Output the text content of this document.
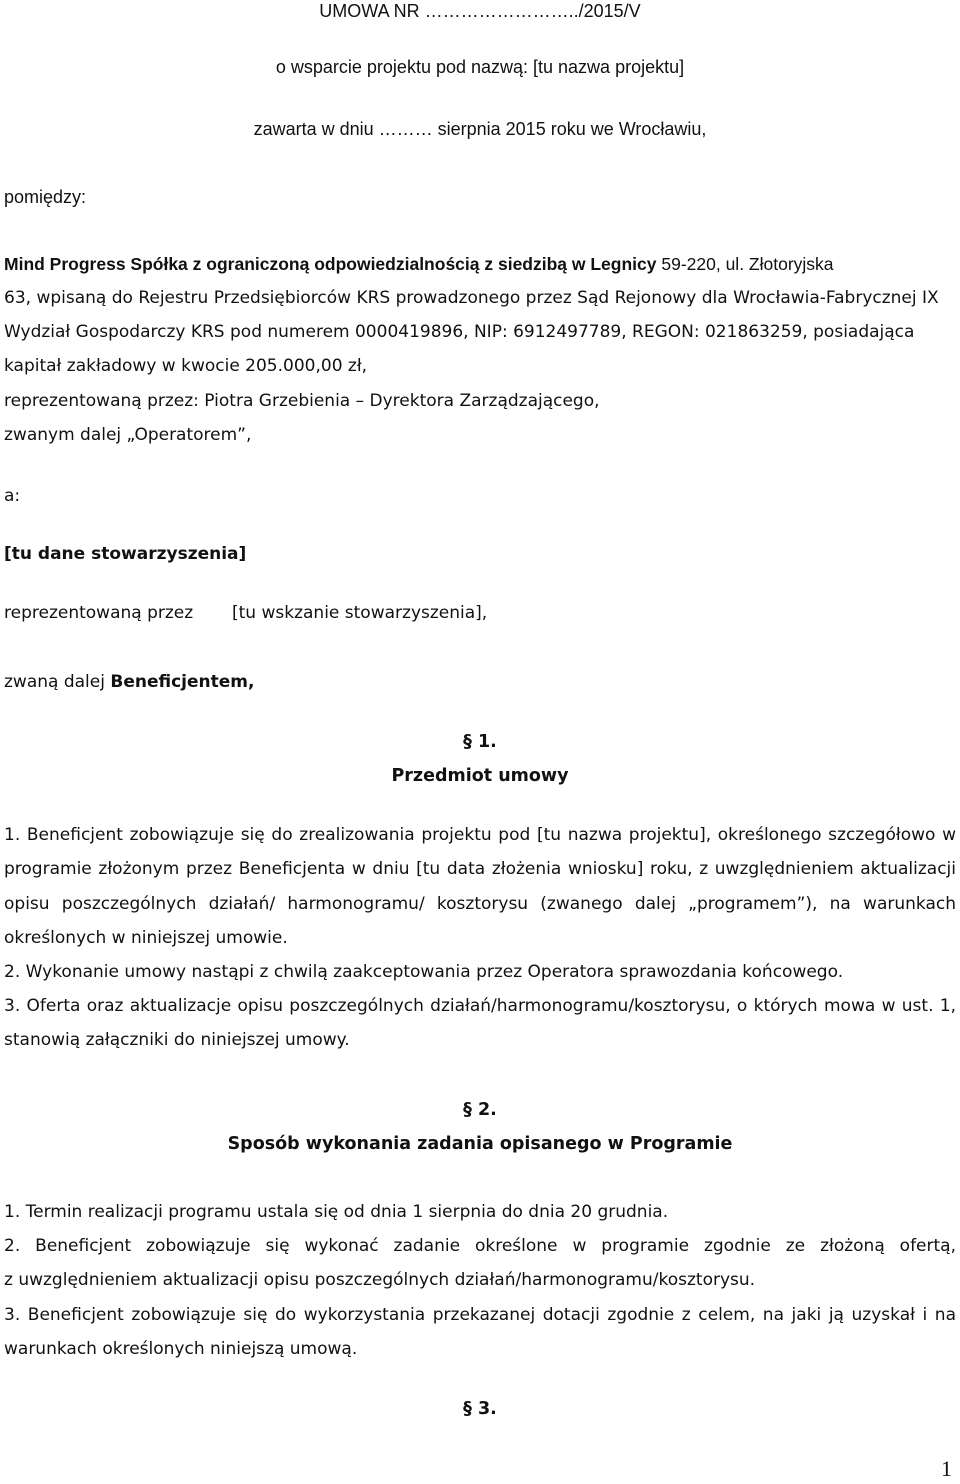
UMOWA NR ……………………../2015/V
o wsparcie projektu pod nazwą: [tu nazwa projektu]
zawarta w dniu ……… sierpnia 2015 roku we Wrocławiu,
pomiędzy:
Mind Progress Spółka z ograniczoną odpowiedzialnością z siedzibą w Legnicy 59-220, ul. Złotoryjska
63, wpisaną do Rejestru Przedsiębiorców KRS prowadzonego przez Sąd Rejonowy dla Wrocławia-Fabrycznej IX
Wydział Gospodarczy KRS pod numerem 0000419896, NIP: 6912497789, REGON: 021863259, posiadająca
kapitał zakładowy w kwocie 205.000,00 zł,
reprezentowaną przez: Piotra Grzebienia – Dyrektora Zarządzającego,
zwanym dalej „Operatorem”,
a:
[tu dane stowarzyszenia]
reprezentowaną przez [tu wskzanie stowarzyszenia],
zwaną dalej Beneficjentem,
§ 1.
Przedmiot umowy
1. Beneficjent zobowiązuje się do zrealizowania projektu pod [tu nazwa projektu], określonego szczegółowo w
programie złożonym przez Beneficjenta w dniu [tu data złożenia wniosku] roku, z uwzględnieniem aktualizacji
opisu poszczególnych działań/ harmonogramu/ kosztorysu (zwanego dalej „programem”), na warunkach
określonych w niniejszej umowie.
2. Wykonanie umowy nastąpi z chwilą zaakceptowania przez Operatora sprawozdania końcowego.
3. Oferta oraz aktualizacje opisu poszczególnych działań/harmonogramu/kosztorysu, o których mowa w ust. 1,
stanowią załączniki do niniejszej umowy.
§ 2.
Sposób wykonania zadania opisanego w Programie
1. Termin realizacji programu ustala się od dnia 1 sierpnia do dnia 20 grudnia.
2. Beneficjent zobowiązuje się wykonać zadanie określone w programie zgodnie ze złożoną ofertą,
z uwzględnieniem aktualizacji opisu poszczególnych działań/harmonogramu/kosztorysu.
3. Beneficjent zobowiązuje się do wykorzystania przekazanej dotacji zgodnie z celem, na jaki ją uzyskał i na
warunkach określonych niniejszą umową.
§ 3.
1
